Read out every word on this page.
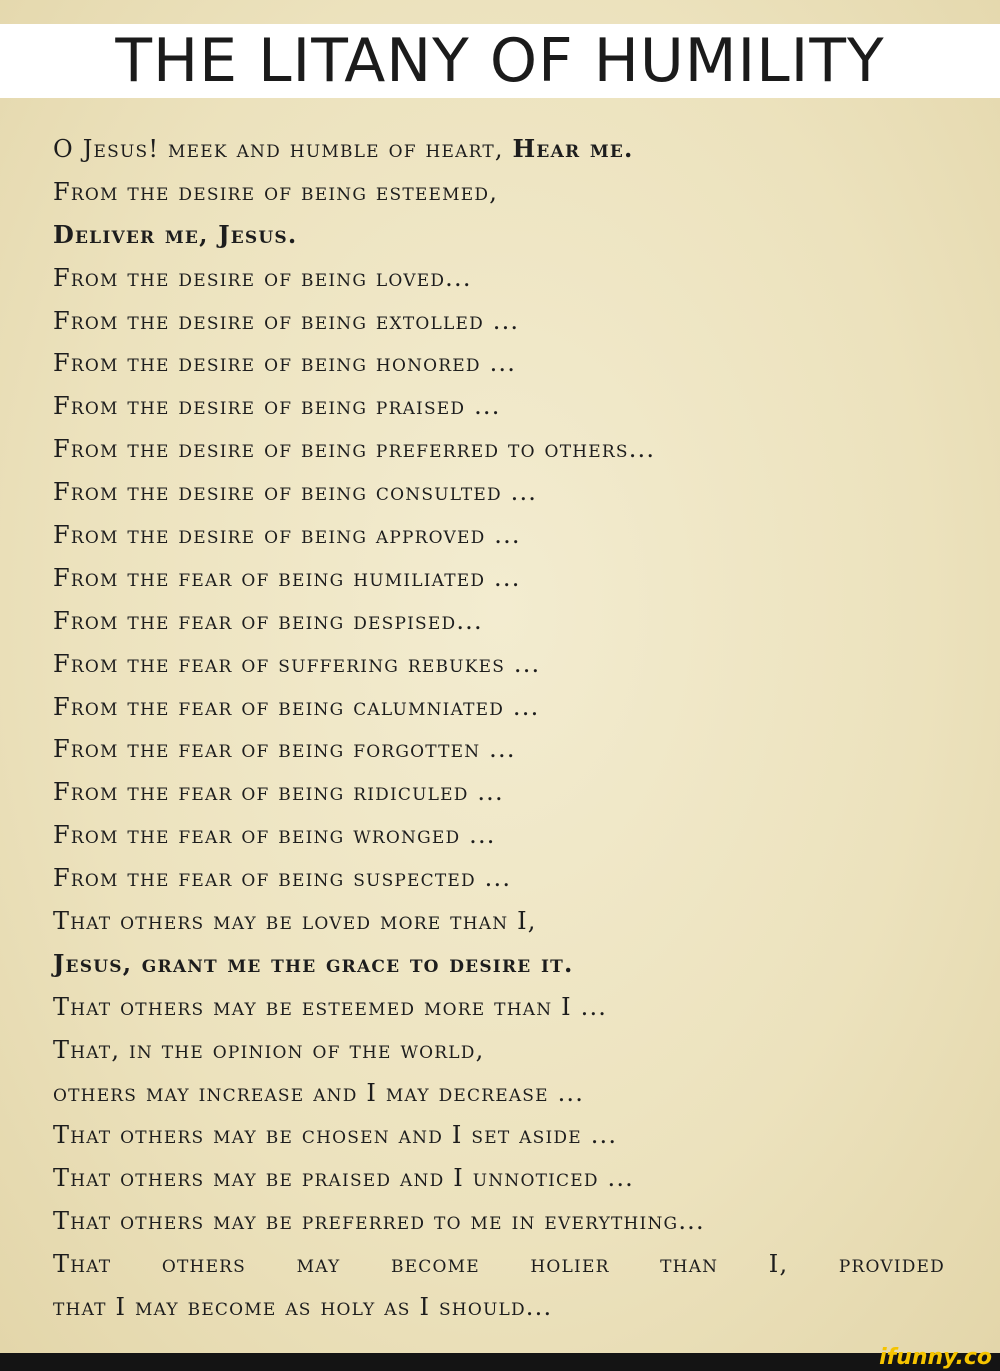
THE LITANY OF HUMILITY
O Jesus! meek and humble of heart, Hear me.
From the desire of being esteemed,
Deliver me, Jesus.
From the desire of being loved...
From the desire of being extolled ...
From the desire of being honored ...
From the desire of being praised ...
From the desire of being preferred to others...
From the desire of being consulted ...
From the desire of being approved ...
From the fear of being humiliated ...
From the fear of being despised...
From the fear of suffering rebukes ...
From the fear of being calumniated ...
From the fear of being forgotten ...
From the fear of being ridiculed ...
From the fear of being wronged ...
From the fear of being suspected ...
That others may be loved more than I,
Jesus, grant me the grace to desire it.
That others may be esteemed more than I ...
That, in the opinion of the world,
others may increase and I may decrease ...
That others may be chosen and I set aside ...
That others may be praised and I unnoticed ...
That others may be preferred to me in everything...
That others may become holier than I, provided
that I may become as holy as I should...
ifunny.co
